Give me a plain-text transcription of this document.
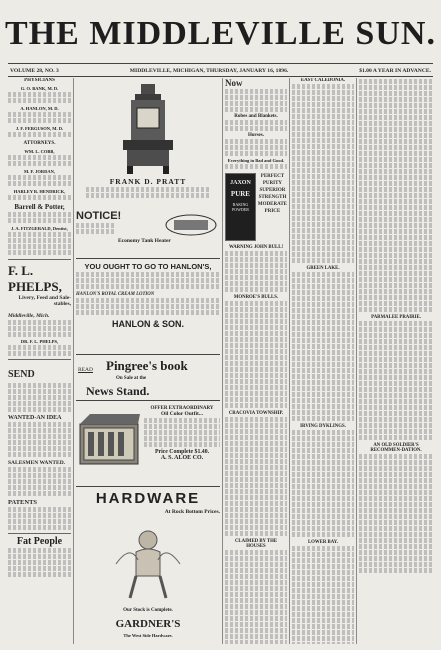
THE MIDDLEVILLE SUN.
VOLUME 28, NO. 3	MIDDLEVILLE, MICHIGAN, THURSDAY, JANUARY 16, 1896.	$1.00 A YEAR IN ADVANCE.
PHYSICIANS
G. O. BANK, M. D.
A. HANLON, M. D.
J. F. FERGUSON, M. D.
ATTORNEYS.
WM. L. COBB,
M. F. JORDAN,
HARLEY R. HENDRICK,
Barrell & Potter,
J. A. FITZGERALD, Dentist,
F. L. PHELPS,
Livery, Feed and Sale-stables,
Middleville, Mich.
DR. F. L. PHELPS,
SEND
WANTED-AN IDEA
SALESMEN WANTED.
PATENTS
Fat People
FRANK D. PRATT
NOTICE!
Economy Tank Heater
YOU OUGHT TO GO TO HANLON'S,
HANLON'S ROYAL CREAM LOTION
HANLON & SON.
READ Pingree's book
On Sale at the
News Stand.
OFFER EXTRAORDINARY
Oil Color Outfit...
Price Complete $1.40.
A. S. ALOE CO.
HARDWARE
At Rock Bottom Prices.
Our Stock is Complete.
GARDNER'S
The West Side Hardware.
Now
Robes and Blankets.
Horses.
Everything in Bad and Good.
JAXON
PURE
BAKING POWDER
PERFECT PURITY
SUPERIOR STRENGTH
MODERATE PRICE
WARNING JOHN BULL!
MONROE'S BULLS.
CRACOVIA TOWNSHIP.
CLAIMED BY THE HOUSES
EAST CALEDONIA.
GREEN LAKE.
IRVING DYKLINGS.
LOWER BAY.
PARMALEE PRAIRIE.
AN OLD SOLDIER'S RECOMMEN-DATION.
